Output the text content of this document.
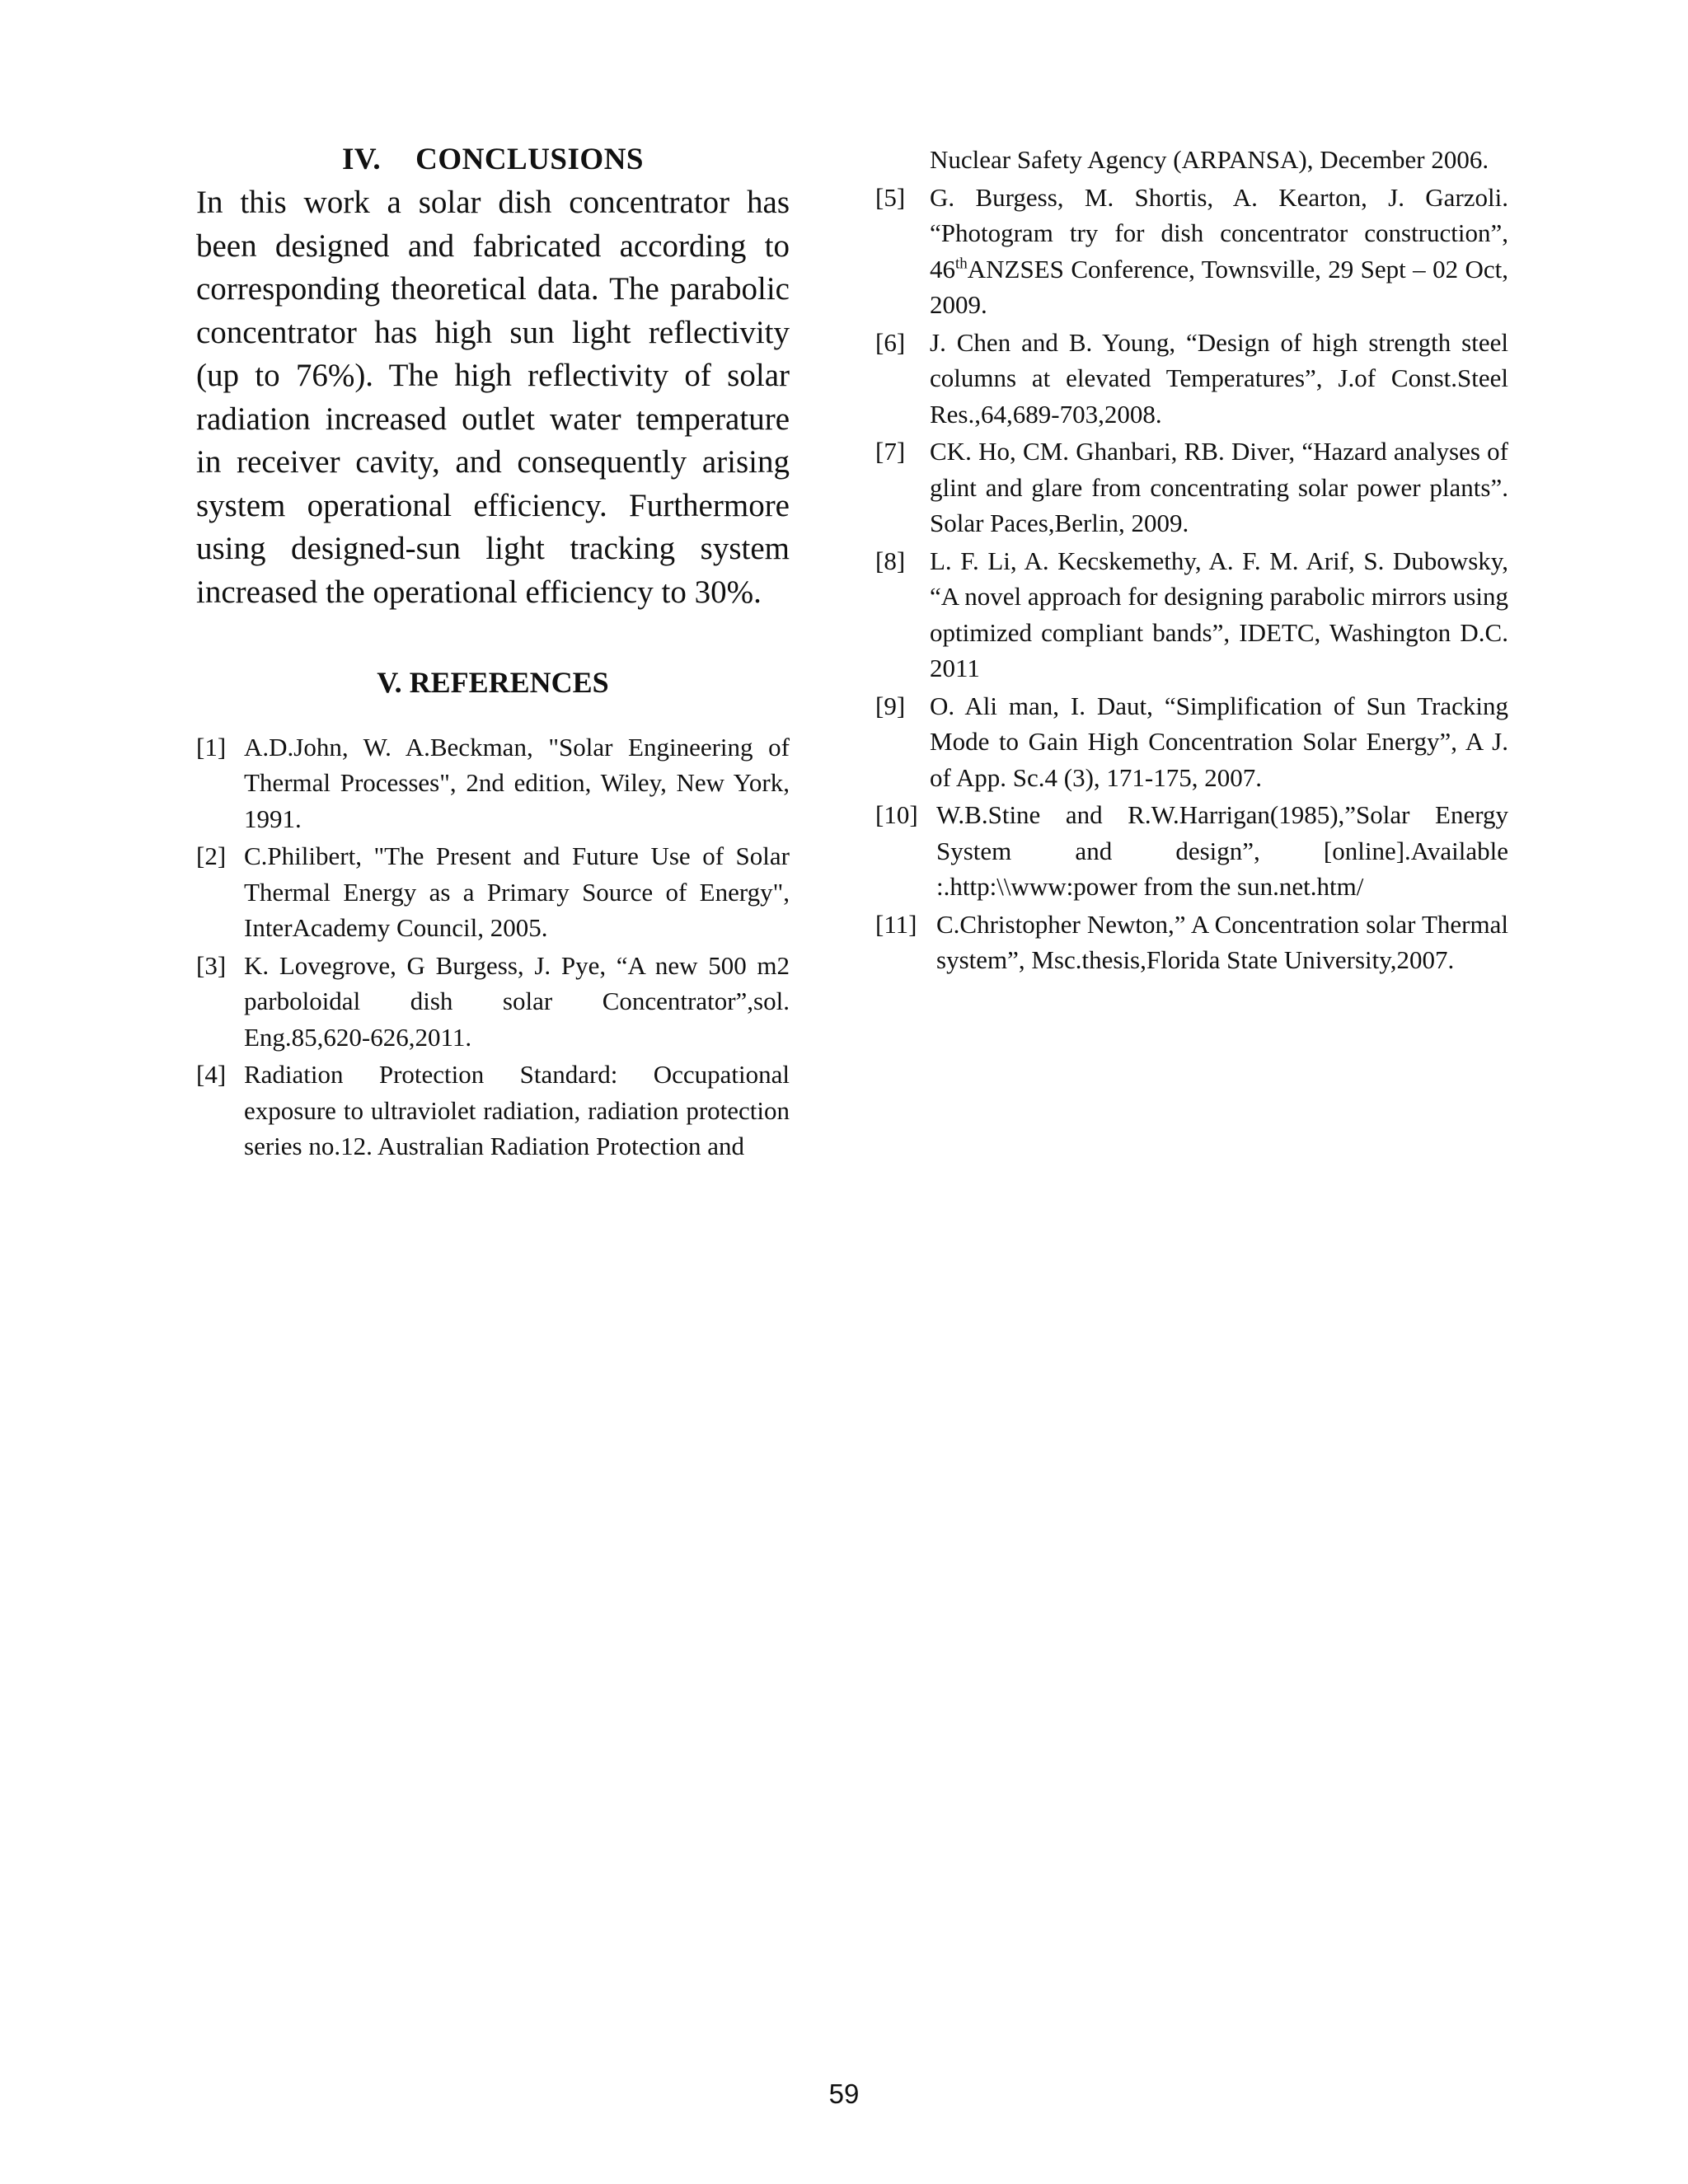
IV. CONCLUSIONS

In this work a solar dish concentrator has been designed and fabricated according to corresponding theoretical data. The parabolic concentrator has high sun light reflectivity (up to 76%). The high reflectivity of solar radiation increased outlet water temperature in receiver cavity, and consequently arising system operational efficiency. Furthermore using designed-sun light tracking system increased the operational efficiency to 30%.

V. REFERENCES
[1] A.D.John, W. A.Beckman, "Solar Engineering of Thermal Processes", 2nd edition, Wiley, New York, 1991.
[2] C.Philibert, "The Present and Future Use of Solar Thermal Energy as a Primary Source of Energy", InterAcademy Council, 2005.
[3] K. Lovegrove, G Burgess, J. Pye, “A new 500 m2 parboloidal dish solar Concentrator”,sol. Eng.85,620-626,2011.
[4] Radiation Protection Standard: Occupational exposure to ultraviolet radiation, radiation protection series no.12. Australian Radiation Protection and
Nuclear Safety Agency (ARPANSA), December 2006.
[5] G. Burgess, M. Shortis, A. Kearton, J. Garzoli. “Photogram try for dish concentrator construction”, 46thANZSES Conference, Townsville, 29 Sept – 02 Oct, 2009.
[6] J. Chen and B. Young, “Design of high strength steel columns at elevated Temperatures”, J.of Const.Steel Res.,64,689-703,2008.
[7] CK. Ho, CM. Ghanbari, RB. Diver, “Hazard analyses of glint and glare from concentrating solar power plants”. Solar Paces,Berlin, 2009.
[8] L. F. Li, A. Kecskemethy, A. F. M. Arif, S. Dubowsky, “A novel approach for designing parabolic mirrors using optimized compliant bands”, IDETC, Washington D.C. 2011
[9] O. Ali man, I. Daut, “Simplification of Sun Tracking Mode to Gain High Concentration Solar Energy”, A J. of App. Sc.4 (3), 171-175, 2007.
[10] W.B.Stine and R.W.Harrigan(1985),”Solar Energy System and design”, [online].Available :.http:\\www:power from the sun.net.htm/
[11] C.Christopher Newton,” A Concentration solar Thermal system”, Msc.thesis,Florida State University,2007.
59
